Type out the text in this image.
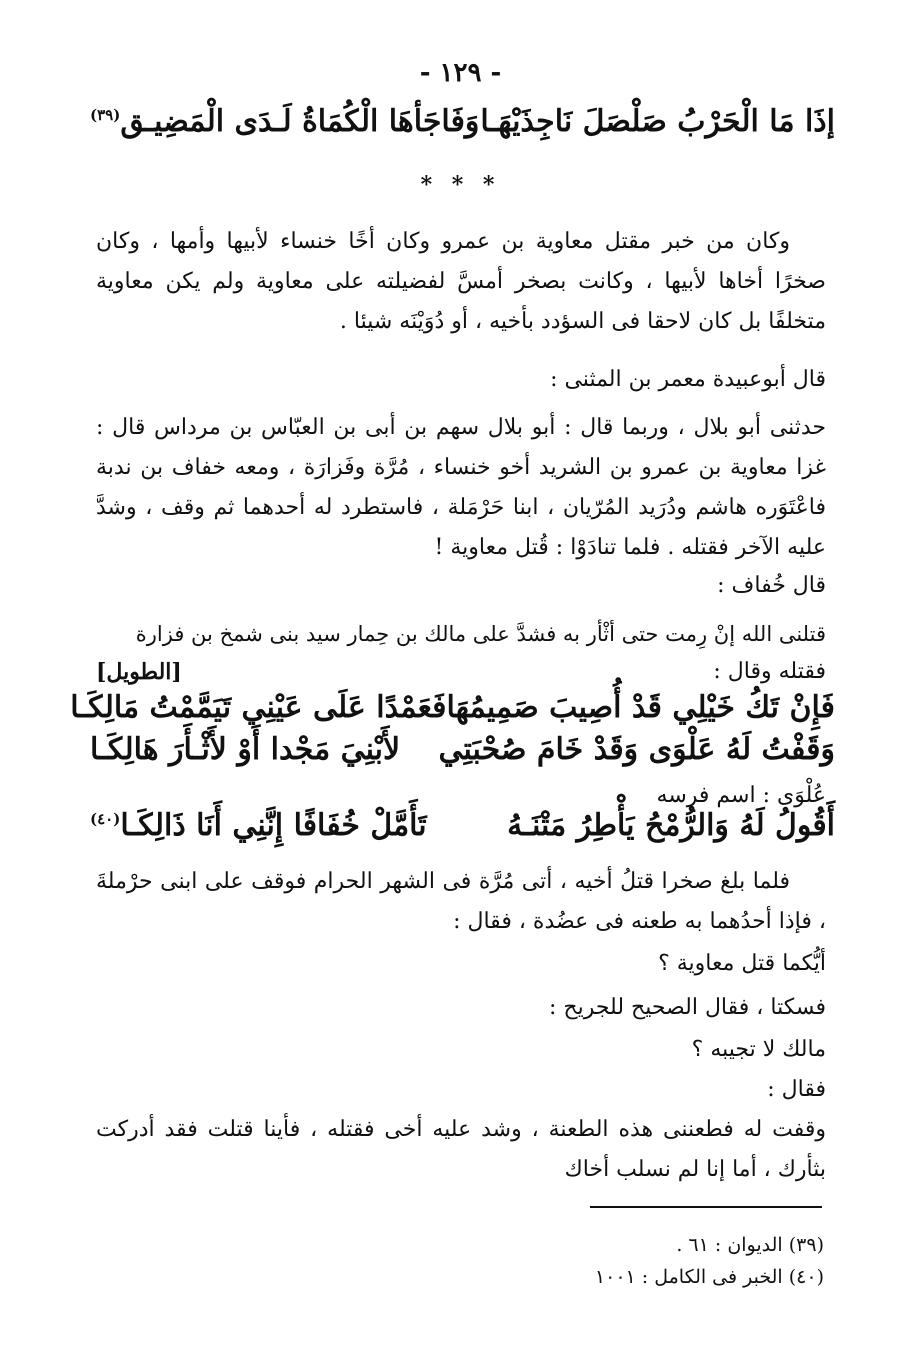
- ١٢٩ -
إذَا مَا الْحَرْبُ صَلْصَلَ نَاجِذَيْهَـا
وَفَاجَأهَا الْكُمَاةُ لَـدَى الْمَضِيـق$^{(٣٩)}$
* * *
وكان من خبر مقتل معاوية بن عمرو وكان أخًا خنساء لأبيها وأمها ، وكان صخرًا أخاها لأبيها ، وكانت بصخر أمسَّ لفضيلته على معاوية ولم يكن معاوية متخلفًا بل كان لاحقا فى السؤدد بأخيه ، أو دُوَيْنَه شيئا .
قال أبوعبيدة معمر بن المثنى :
حدثنى أبو بلال ، وربما قال : أبو بلال سهم بن أبى بن العبّاس بن مرداس قال : غزا معاوية بن عمرو بن الشريد أخو خنساء ، مُرَّة وفَزارَة ، ومعه خفاف بن ندبة فاعْتَوَره هاشم ودُرَيد المُرّيان ، ابنا حَرْمَلة ، فاستطرد له أحدهما ثم وقف ، وشدَّ عليه الآخر فقتله . فلما تنادَوْا : قُتل معاوية !
قال خُفاف :
قتلنى الله إنْ رِمت حتى أثْأر به فشدَّ على مالك بن حِمار سيد بنى شمخ بن فزارة
فقتله وقال :
[الطويل]
فَإِنْ تَكُ خَيْلِي قَدْ أُصِيبَ صَمِيمُهَا
فَعَمْدًا عَلَى عَيْنِي تَيَمَّمْتُ مَالِكَـا
وَقَفْتُ لَهُ عَلْوَى وَقَدْ خَامَ صُحْبَتِي
لأَبْنِيَ مَجْدا أَوْ لأَثْـأَرَ هَالِكَـا
عُلْوَى : اسم فرسه
أَقُولُ لَهُ وَالرُّمْحُ يَأْطِرُ مَتْنَـهُ
تَأَمَّلْ خُفَافًا إِنَّنِي أَنَا ذَالِكَـا$^{(٤٠)}$
فلما بلغ صخرا قتلُ أخيه ، أتى مُرَّة فى الشهر الحرام فوقف على ابنى حرْملةَ ، فإذا أحدُهما به طعنه فى عضُدة ، فقال :
أيُّكما قتل معاوية ؟
فسكتا ، فقال الصحيح للجريح :
مالك لا تجيبه ؟
فقال :
وقفت له فطعننى هذه الطعنة ، وشد عليه أخى فقتله ، فأينا قتلت فقد أدركت بثأرك ، أما إنا لم نسلب أخاك
(٣٩) الديوان : ٦١ .
(٤٠) الخبر فى الكامل : ١٠٠١
